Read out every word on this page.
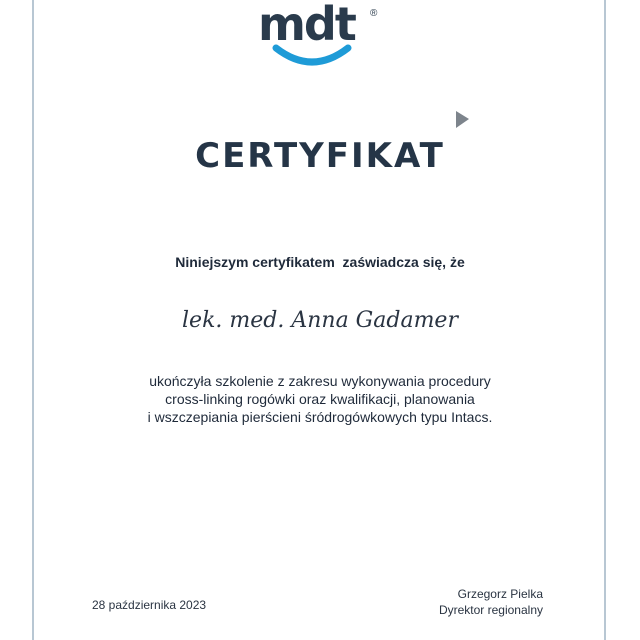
mdt ®
CERTYFIKAT
Niniejszym certyfikatem  zaświadcza się, że
lek. med. Anna Gadamer
ukończyła szkolenie z zakresu wykonywania procedury
cross-linking rogówki oraz kwalifikacji, planowania
i wszczepiania pierścieni śródrogówkowych typu Intacs.
28 października 2023
Grzegorz Pielka
Dyrektor regionalny
